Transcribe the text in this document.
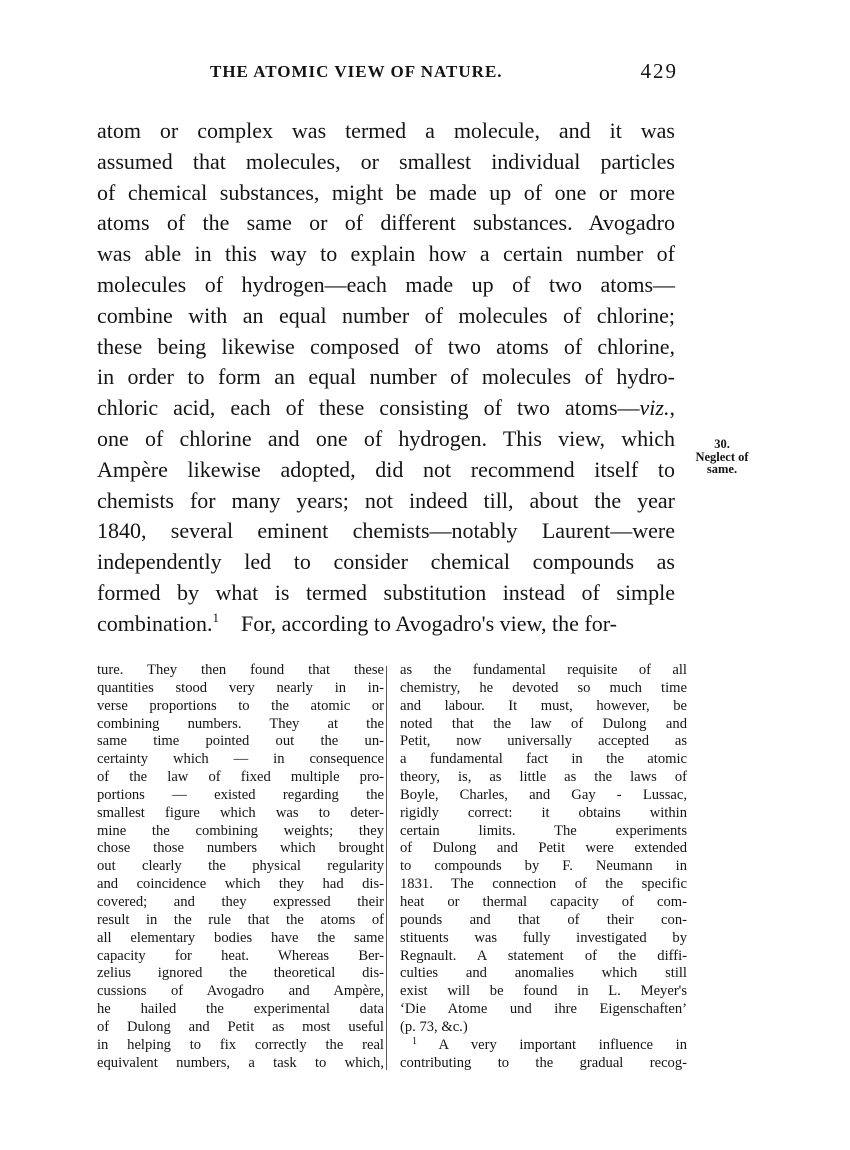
THE ATOMIC VIEW OF NATURE.	429
atom or complex was termed a molecule, and it was
assumed that molecules, or smallest individual particles
of chemical substances, might be made up of one or more
atoms of the same or of different substances. Avogadro
was able in this way to explain how a certain number of
molecules of hydrogen—each made up of two atoms—
combine with an equal number of molecules of chlorine;
these being likewise composed of two atoms of chlorine,
in order to form an equal number of molecules of hydro-
chloric acid, each of these consisting of two atoms—viz.,
one of chlorine and one of hydrogen. This view, which
Ampère likewise adopted, did not recommend itself to
chemists for many years; not indeed till, about the year
1840, several eminent chemists—notably Laurent—were
independently led to consider chemical compounds as
formed by what is termed substitution instead of simple
combination.$^1$ For, according to Avogadro's view, the for-
30.
Neglect of same.
ture. They then found that these
quantities stood very nearly in in-
verse proportions to the atomic or
combining numbers. They at the
same time pointed out the un-
certainty which — in consequence
of the law of fixed multiple pro-
portions — existed regarding the
smallest figure which was to deter-
mine the combining weights; they
chose those numbers which brought
out clearly the physical regularity
and coincidence which they had dis-
covered; and they expressed their
result in the rule that the atoms of
all elementary bodies have the same
capacity for heat. Whereas Ber-
zelius ignored the theoretical dis-
cussions of Avogadro and Ampère,
he hailed the experimental data
of Dulong and Petit as most useful
in helping to fix correctly the real
equivalent numbers, a task to which,
as the fundamental requisite of all
chemistry, he devoted so much time
and labour. It must, however, be
noted that the law of Dulong and
Petit, now universally accepted as
a fundamental fact in the atomic
theory, is, as little as the laws of
Boyle, Charles, and Gay - Lussac,
rigidly correct: it obtains within
certain limits. The experiments
of Dulong and Petit were extended
to compounds by F. Neumann in
1831. The connection of the specific
heat or thermal capacity of com-
pounds and that of their con-
stituents was fully investigated by
Regnault. A statement of the diffi-
culties and anomalies which still
exist will be found in L. Meyer's
‘Die Atome und ihre Eigenschaften’
(p. 73, &c.)
$^1$ A very important influence in
contributing to the gradual recog-
